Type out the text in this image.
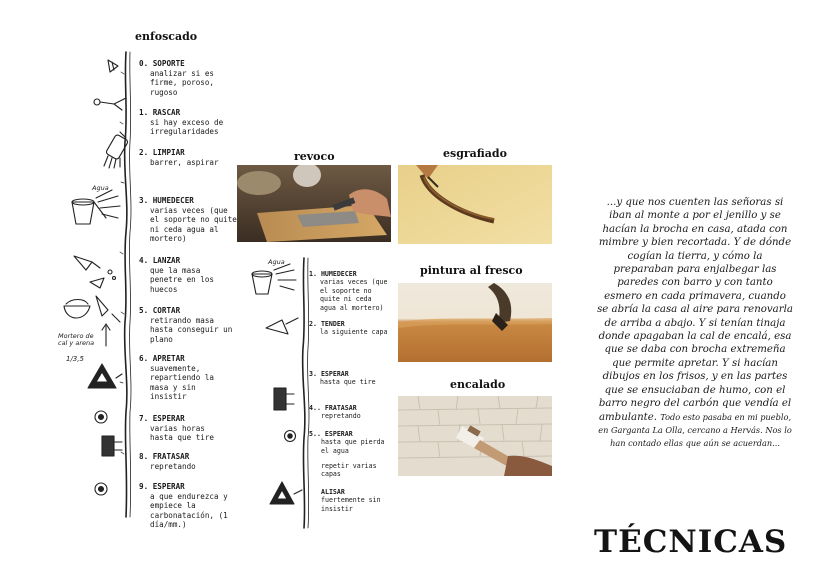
enfoscado
Agua
Mortero de cal y arena
1/3,5
0. SOPORTE
analizar si es firme, poroso, rugoso
1. RASCAR
si hay exceso de irregularidades
2. LIMPIAR
barrer, aspirar
3. HUMEDECER
varias veces (que el soporte no quite ni ceda agua al mortero)
4. LANZAR
que la masa penetre en los huecos
5. CORTAR
retirando masa hasta conseguir un plano
6. APRETAR
suavemente, repartiendo la masa y sin insistir
7. ESPERAR
varias horas hasta que tire
8. FRATASAR
repretando
9. ESPERAR
a que endurezca y empiece la carbonatación, (1 día/mm.)
revoco
Agua
1. HUMEDECER
varias veces (que el soporte no quite ni ceda agua al mortero)
2. TENDER
la siguiente capa
3. ESPERAR
hasta que tire
4.. FRATASAR
repretando
5.. ESPERAR
hasta que pierda el agua
repetir varias capas
ALISAR
fuertemente sin insistir
esgrafiado
pintura al fresco
encalado
...y que nos cuenten las señoras si iban al monte a por el jenillo y se hacían la brocha en casa, atada con mimbre y bien recortada. Y de dónde cogían la tierra, y cómo la preparaban para enjalbegar las paredes con barro y con tanto esmero en cada primavera, cuando se abría la casa al aire para renovarla de arriba a abajo. Y si tenían tinaja donde apagaban la cal de encalá, esa que se daba con brocha extremeña que permite apretar. Y si hacían dibujos en los frisos, y en las partes que se ensuciaban de humo, con el barro negro del carbón que vendía el ambulante. Todo esto pasaba en mi pueblo, en Garganta La Olla, cercano a Hervás. Nos lo han contado ellas que aún se acuerdan...
TÉCNICAS
